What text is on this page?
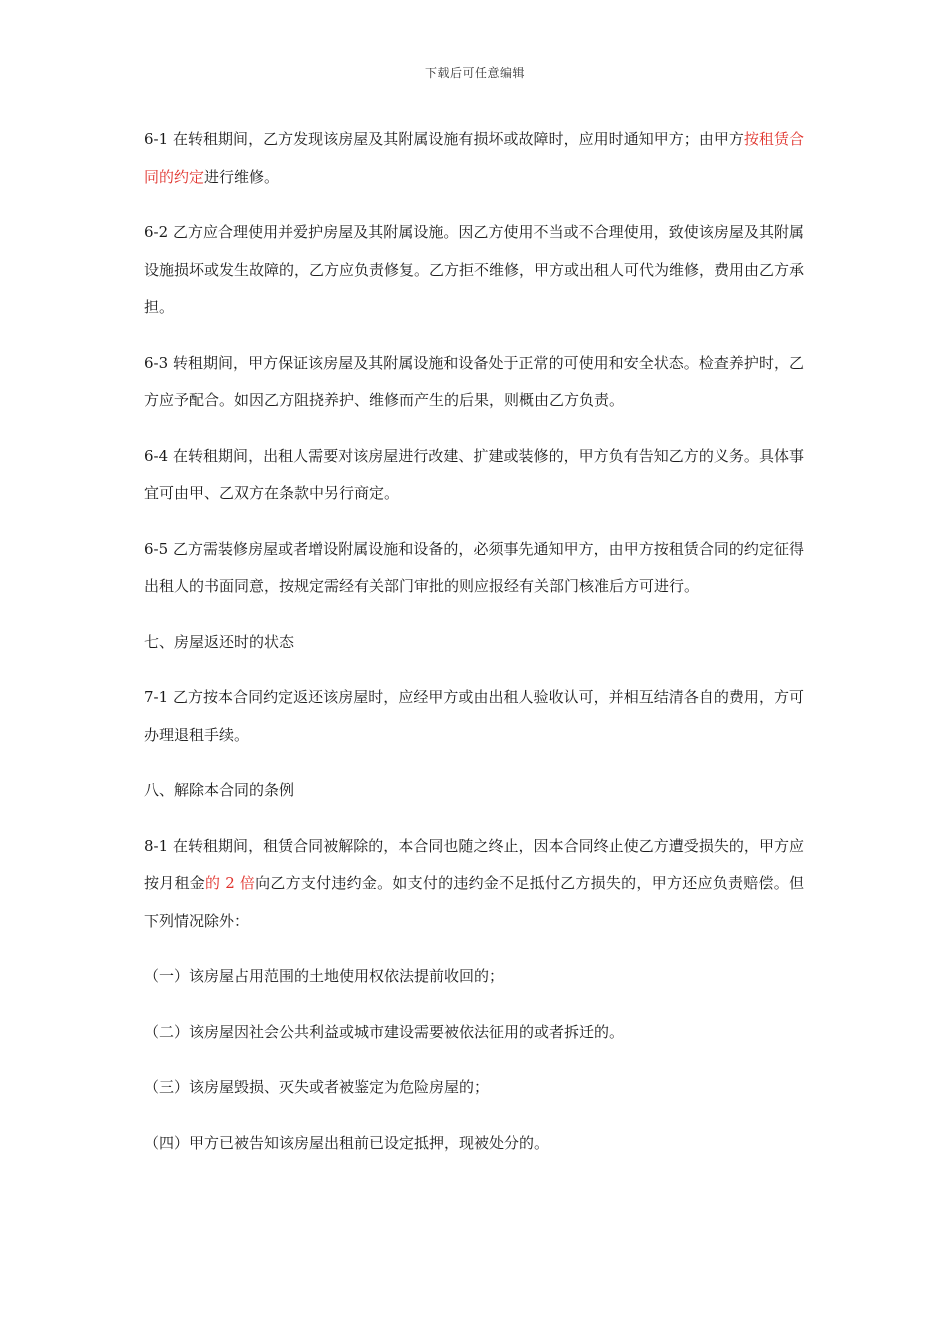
下载后可任意编辑

6-1 在转租期间，乙方发现该房屋及其附属设施有损坏或故障时，应用时通知甲方；由甲方按租赁合同的约定进行维修。

6-2 乙方应合理使用并爱护房屋及其附属设施。因乙方使用不当或不合理使用，致使该房屋及其附属设施损坏或发生故障的，乙方应负责修复。乙方拒不维修，甲方或出租人可代为维修，费用由乙方承担。

6-3 转租期间，甲方保证该房屋及其附属设施和设备处于正常的可使用和安全状态。检查养护时，乙方应予配合。如因乙方阻挠养护、维修而产生的后果，则概由乙方负责。

6-4 在转租期间，出租人需要对该房屋进行改建、扩建或装修的，甲方负有告知乙方的义务。具体事宜可由甲、乙双方在条款中另行商定。

6-5 乙方需装修房屋或者增设附属设施和设备的，必须事先通知甲方，由甲方按租赁合同的约定征得出租人的书面同意，按规定需经有关部门审批的则应报经有关部门核准后方可进行。

七、房屋返还时的状态

7-1 乙方按本合同约定返还该房屋时，应经甲方或由出租人验收认可，并相互结清各自的费用，方可办理退租手续。

八、解除本合同的条例

8-1 在转租期间，租赁合同被解除的，本合同也随之终止，因本合同终止使乙方遭受损失的，甲方应按月租金的 2 倍向乙方支付违约金。如支付的违约金不足抵付乙方损失的，甲方还应负责赔偿。但下列情况除外：

（一）该房屋占用范围的土地使用权依法提前收回的；

（二）该房屋因社会公共利益或城市建设需要被依法征用的或者拆迁的。

（三）该房屋毁损、灭失或者被鉴定为危险房屋的；

（四）甲方已被告知该房屋出租前已设定抵押，现被处分的。
